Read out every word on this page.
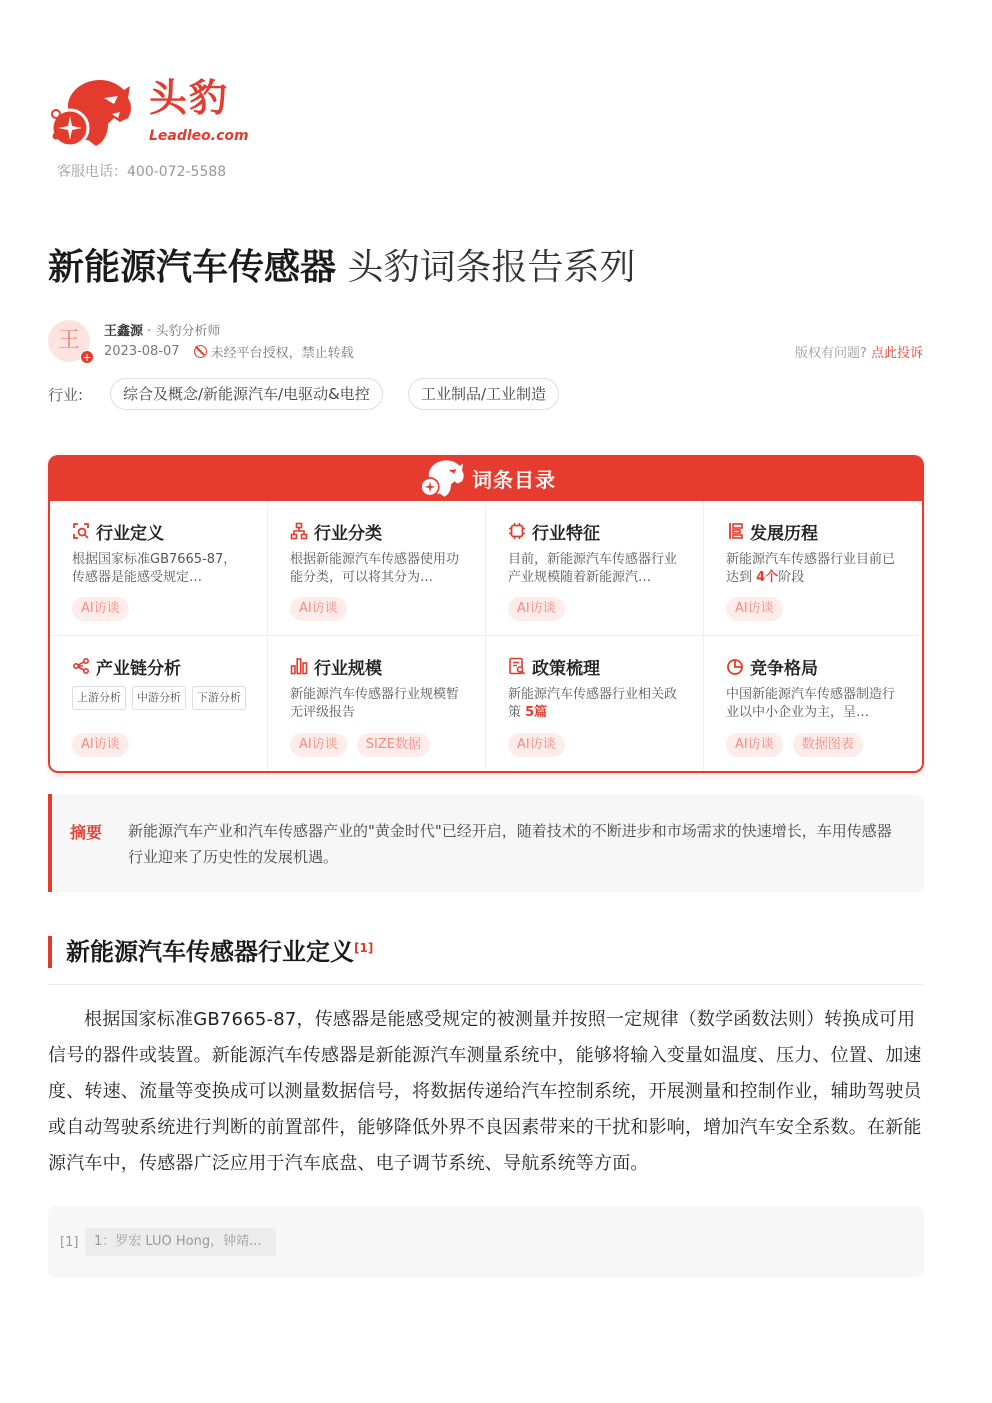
头豹
Leadleo.com
客服电话：400-072-5588
新能源汽车传感器 头豹词条报告系列
王
+
王鑫源 · 头豹分析师
2023-08-07 未经平台授权，禁止转载	版权有问题? 点此投诉
行业:	综合及概念/新能源汽车/电驱动&电控	工业制品/工业制造
词条目录
行业定义
根据国家标准GB7665-87，传感器是能感受规定…
AI访谈
行业分类
根据新能源汽车传感器使用功能分类，可以将其分为…
AI访谈
行业特征
目前，新能源汽车传感器行业产业规模随着新能源汽…
AI访谈
发展历程
新能源汽车传感器行业目前已达到 4个阶段
AI访谈
产业链分析
上游分析	中游分析	下游分析
AI访谈
行业规模
新能源汽车传感器行业规模暂无评级报告
AI访谈	SIZE数据
政策梳理
新能源汽车传感器行业相关政策 5篇
AI访谈
竞争格局
中国新能源汽车传感器制造行业以中小企业为主，呈…
AI访谈	数据图表
摘要 新能源汽车产业和汽车传感器产业的"黄金时代"已经开启，随着技术的不断进步和市场需求的快速增长，车用传感器行业迎来了历史性的发展机遇。
新能源汽车传感器行业定义[1]
根据国家标准GB7665-87，传感器是能感受规定的被测量并按照一定规律（数学函数法则）转换成可用信号的器件或装置。新能源汽车传感器是新能源汽车测量系统中，能够将输入变量如温度、压力、位置、加速度、转速、流量等变换成可以测量数据信号，将数据传递给汽车控制系统，开展测量和控制作业，辅助驾驶员或自动驾驶系统进行判断的前置部件，能够降低外界不良因素带来的干扰和影响，增加汽车安全系数。在新能源汽车中，传感器广泛应用于汽车底盘、电子调节系统、导航系统等方面。
[1]	1：罗宏 LUO Hong，钟靖...
